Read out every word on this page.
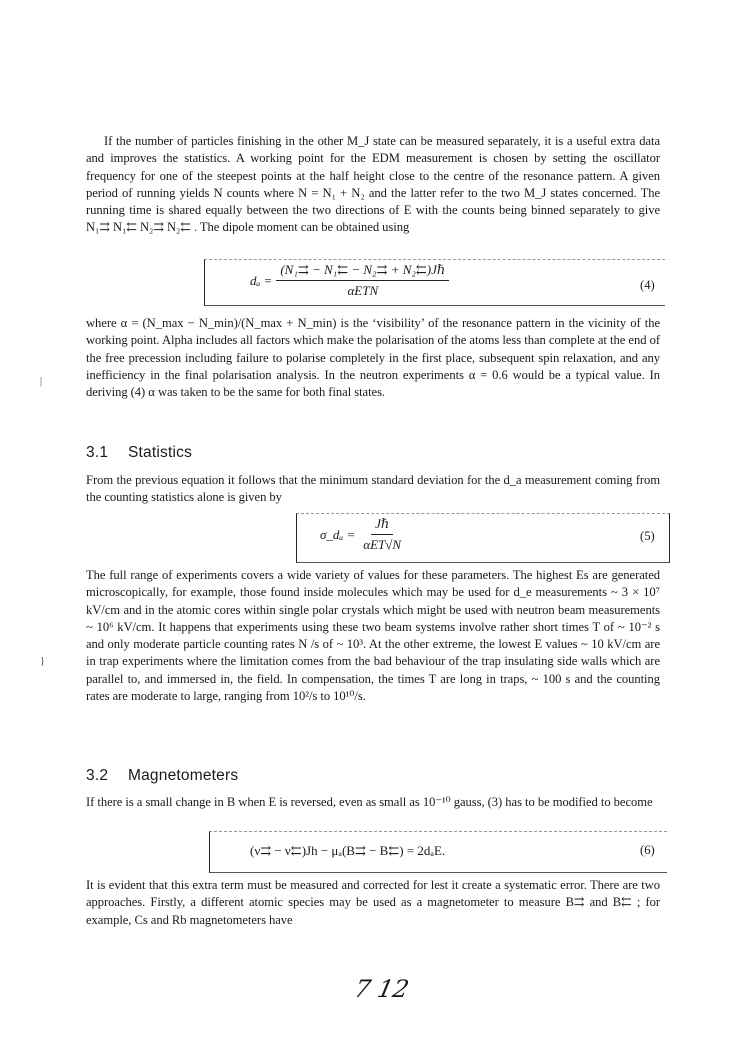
If the number of particles finishing in the other M_J state can be measured separately, it is a useful extra data and improves the statistics. A working point for the EDM measurement is chosen by setting the oscillator frequency for one of the steepest points at the half height close to the centre of the resonance pattern. A given period of running yields N counts where N = N₁ + N₂ and the latter refer to the two M_J states concerned. The running time is shared equally between the two directions of E with the counts being binned separately to give N₁⇉ N₁⇇ N₂⇉ N₂⇇ . The dipole moment can be obtained using
$d_a = \frac{\text{(N₁⇉ − N₁⇇ − N₂⇉ + N₂⇇)Jℏ}}{\text{αETN}}$	(4)
where α = (N_max − N_min)/(N_max + N_min) is the ‘visibility’ of the resonance pattern in the vicinity of the working point. Alpha includes all factors which make the polarisation of the atoms less than complete at the end of the free precession including failure to polarise completely in the first place, subsequent spin relaxation, and any inefficiency in the final polarisation analysis. In the neutron experiments α = 0.6 would be a typical value. In deriving (4) α was taken to be the same for both final states.
3.1 Statistics
From the previous equation it follows that the minimum standard deviation for the d_a measurement coming from the counting statistics alone is given by
σ_dₐ = $\frac{\text{Jℏ}}{\text{αET√N}}$	(5)
The full range of experiments covers a wide variety of values for these parameters. The highest Es are generated microscopically, for example, those found inside molecules which may be used for d_e measurements ~ 3 × 10⁷ kV/cm and in the atomic cores within single polar crystals which might be used with neutron beam measurements ~ 10⁶ kV/cm. It happens that experiments using these two beam systems involve rather short times T of ~ 10⁻² s and only moderate particle counting rates N /s of ~ 10³. At the other extreme, the lowest E values ~ 10 kV/cm are in trap experiments where the limitation comes from the bad behaviour of the trap insulating side walls which are parallel to, and immersed in, the field. In compensation, the times T are long in traps, ~ 100 s and the counting rates are moderate to large, ranging from 10²/s to 10¹⁰/s.
3.2 Magnetometers
If there is a small change in B when E is reversed, even as small as 10⁻¹⁰ gauss, (3) has to be modified to become
(ν⇉ − ν⇇)Jh − μₐ(B⇉ − B⇇) = 2dₐE.	(6)
It is evident that this extra term must be measured and corrected for lest it create a systematic error. There are two approaches. Firstly, a different atomic species may be used as a magnetometer to measure B⇉ and B⇇ ; for example, Cs and Rb magnetometers have
|
}
7 12
